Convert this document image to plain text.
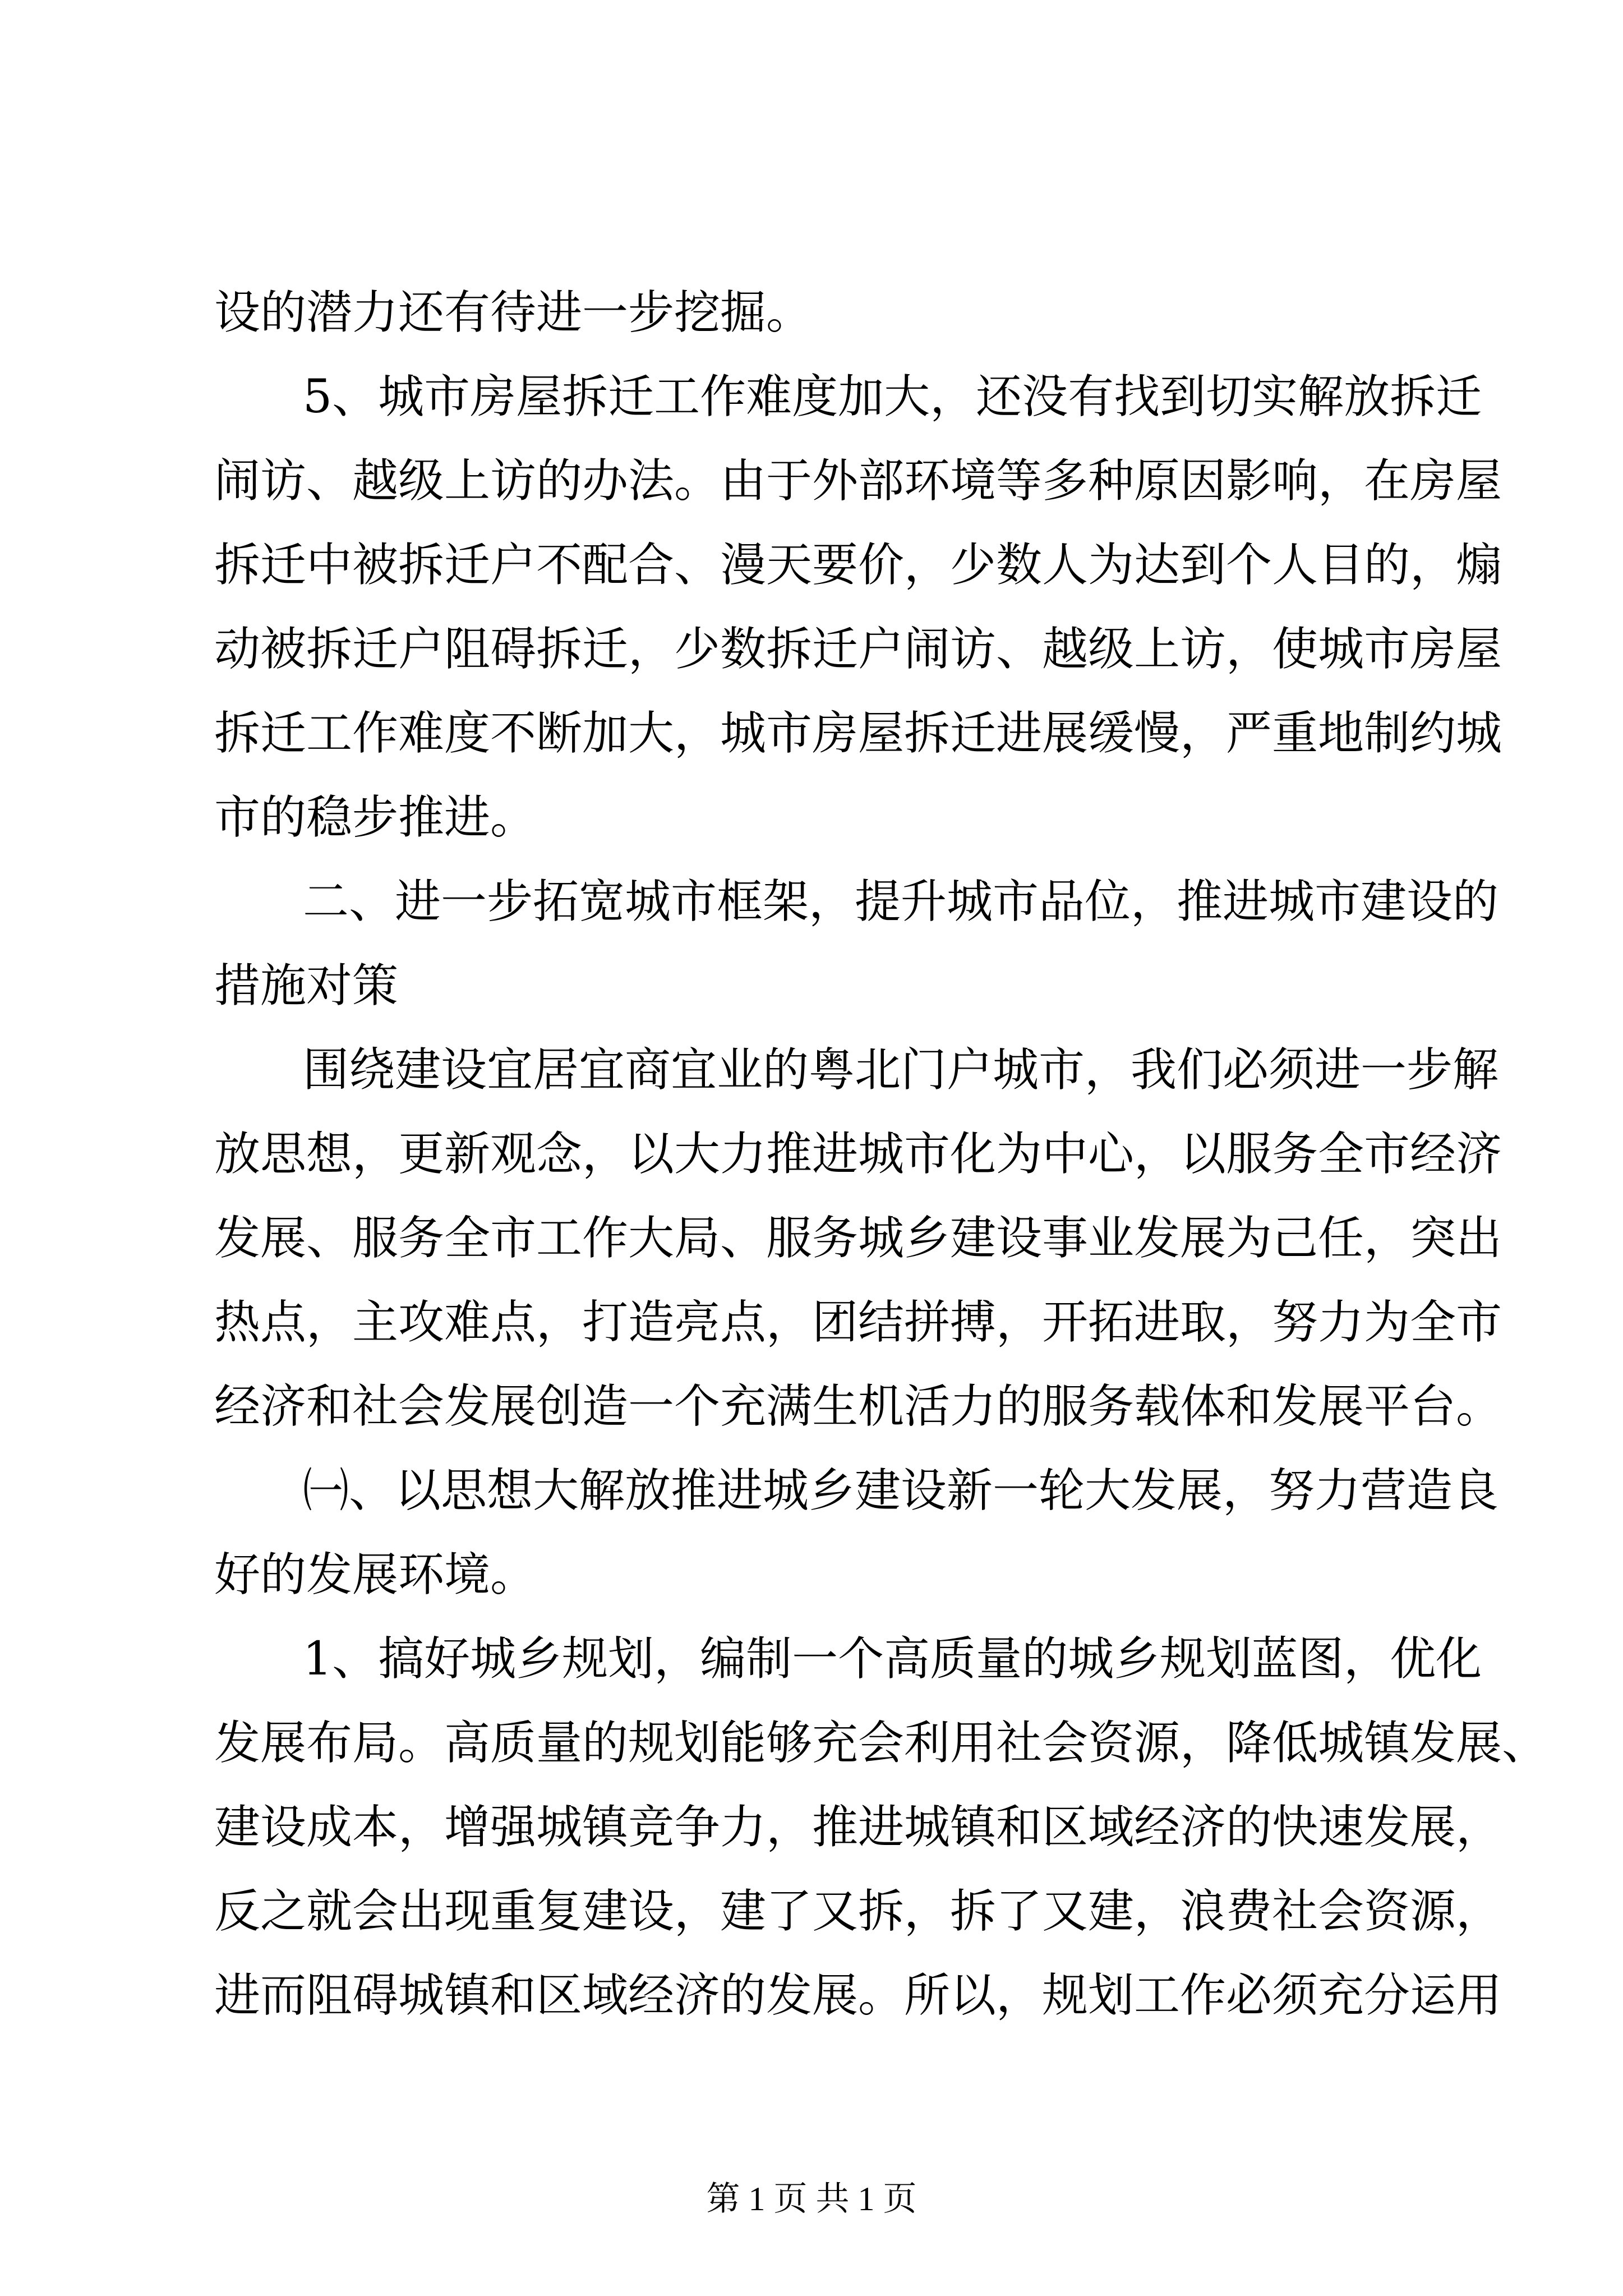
设的潜力还有待进一步挖掘。
5、城市房屋拆迁工作难度加大，还没有找到切实解放拆迁
闹访、越级上访的办法。由于外部环境等多种原因影响，在房屋
拆迁中被拆迁户不配合、漫天要价，少数人为达到个人目的，煽
动被拆迁户阻碍拆迁，少数拆迁户闹访、越级上访，使城市房屋
拆迁工作难度不断加大，城市房屋拆迁进展缓慢，严重地制约城
市的稳步推进。
二、进一步拓宽城市框架，提升城市品位，推进城市建设的
措施对策
围绕建设宜居宜商宜业的粤北门户城市，我们必须进一步解
放思想，更新观念，以大力推进城市化为中心，以服务全市经济
发展、服务全市工作大局、服务城乡建设事业发展为己任，突出
热点，主攻难点，打造亮点，团结拼搏，开拓进取，努力为全市
经济和社会发展创造一个充满生机活力的服务载体和发展平台。
㈠、以思想大解放推进城乡建设新一轮大发展，努力营造良
好的发展环境。
1、搞好城乡规划，编制一个高质量的城乡规划蓝图，优化
发展布局。高质量的规划能够充会利用社会资源，降低城镇发展、
建设成本，增强城镇竞争力，推进城镇和区域经济的快速发展，
反之就会出现重复建设，建了又拆，拆了又建，浪费社会资源，
进而阻碍城镇和区域经济的发展。所以，规划工作必须充分运用
第 1 页 共 1 页
